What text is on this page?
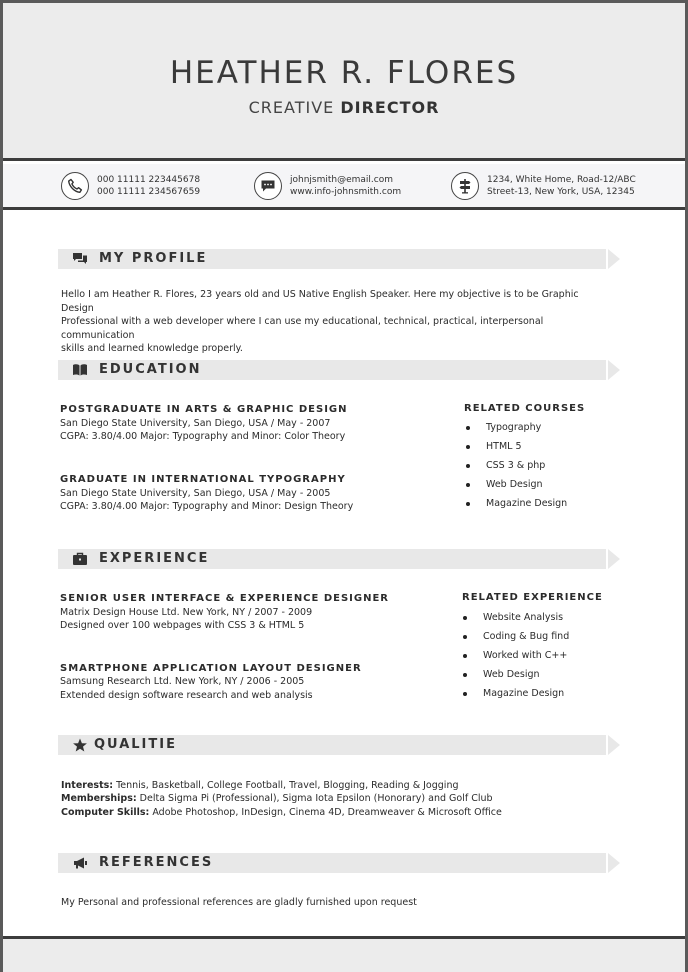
HEATHER R. FLORES
CREATIVE DIRECTOR
000 11111 223445678
000 11111 234567659
johnjsmith@email.com
www.info-johnsmith.com
1234, White Home, Road-12/ABC
Street-13, New York, USA, 12345
MY PROFILE
Hello I am Heather R. Flores, 23 years old and US Native English Speaker. Here my objective is to be Graphic Design
Professional with a web developer where I can use my educational, technical, practical, interpersonal communication
skills and learned knowledge properly.
EDUCATION
POSTGRADUATE IN ARTS & GRAPHIC DESIGN
San Diego State University, San Diego, USA / May - 2007
CGPA: 3.80/4.00 Major: Typography and Minor: Color Theory
GRADUATE IN INTERNATIONAL TYPOGRAPHY
San Diego State University, San Diego, USA / May - 2005
CGPA: 3.80/4.00 Major: Typography and Minor: Design Theory
RELATED COURSES
Typography
HTML 5
CSS 3 & php
Web Design
Magazine Design
EXPERIENCE
SENIOR USER INTERFACE & EXPERIENCE DESIGNER
Matrix Design House Ltd. New York, NY / 2007 - 2009
Designed over 100 webpages with CSS 3 & HTML 5
SMARTPHONE APPLICATION LAYOUT DESIGNER
Samsung Research Ltd. New York, NY / 2006 - 2005
Extended design software research and web analysis
RELATED EXPERIENCE
Website Analysis
Coding & Bug find
Worked with C++
Web Design
Magazine Design
QUALITIE
Interests: Tennis, Basketball, College Football, Travel, Blogging, Reading & Jogging
Memberships: Delta Sigma Pi (Professional), Sigma Iota Epsilon (Honorary) and Golf Club
Computer Skills: Adobe Photoshop, InDesign, Cinema 4D, Dreamweaver & Microsoft Office
REFERENCES
My Personal and professional references are gladly furnished upon request
